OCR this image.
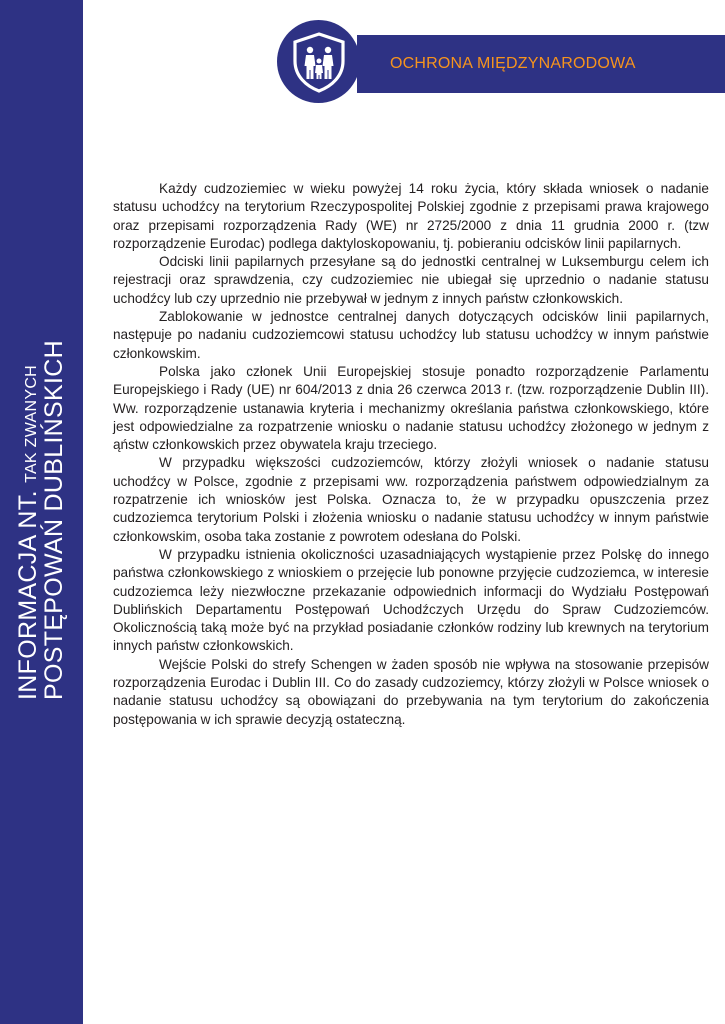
INFORMACJA NT. TAK ZWANYCH POSTĘPOWAŃ DUBLIŃSKICH
OCHRONA MIĘDZYNARODOWA

Każdy cudzoziemiec w wieku powyżej 14 roku życia, który składa wniosek o nadanie statusu uchodźcy na terytorium Rzeczypospolitej Polskiej zgodnie z przepisami prawa krajowego oraz przepisami rozporządzenia Rady (WE) nr 2725/2000 z dnia 11 grudnia 2000 r. (tzw rozporządzenie Eurodac) podlega daktyloskopowaniu, tj. pobieraniu odcisków linii papilarnych.

Odciski linii papilarnych przesyłane są do jednostki centralnej w Luksemburgu celem ich rejestracji oraz sprawdzenia, czy cudzoziemiec nie ubiegał się uprzednio o nadanie statusu uchodźcy lub czy uprzednio nie przebywał w jednym z innych państw członkowskich.

Zablokowanie w jednostce centralnej danych dotyczących odcisków linii papilarnych, następuje po nadaniu cudzoziemcowi statusu uchodźcy lub statusu uchodźcy w innym państwie członkowskim.

Polska jako członek Unii Europejskiej stosuje ponadto rozporządzenie Parlamentu Europejskiego i Rady (UE) nr 604/2013 z dnia 26 czerwca 2013 r. (tzw. rozporządzenie Dublin III). Ww. rozporządzenie ustanawia kryteria i mechanizmy określania państwa członkowskiego, które jest odpowiedzialne za rozpatrzenie wniosku o nadanie statusu uchodźcy złożonego w jednym z ąństw członkowskich przez obywatela kraju trzeciego.

W przypadku większości cudzoziemców, którzy złożyli wniosek o nadanie statusu uchodźcy w Polsce, zgodnie z przepisami ww. rozporządzenia państwem odpowiedzialnym za rozpatrzenie ich wniosków jest Polska. Oznacza to, że w przypadku opuszczenia przez cudzoziemca terytorium Polski i złożenia wniosku o nadanie statusu uchodźcy w innym państwie członkowskim, osoba taka zostanie z powrotem odesłana do Polski.

W przypadku istnienia okoliczności uzasadniających wystąpienie przez Polskę do innego państwa członkowskiego z wnioskiem o przejęcie lub ponowne przyjęcie cudzoziemca, w interesie cudzoziemca leży niezwłoczne przekazanie odpowiednich informacji do Wydziału Postępowań Dublińskich Departamentu Postępowań Uchodźczych Urzędu do Spraw Cudzoziemców. Okolicznością taką może być na przykład posiadanie członków rodziny lub krewnych na terytorium innych państw członkowskich.

Wejście Polski do strefy Schengen w żaden sposób nie wpływa na stosowanie przepisów rozporządzenia Eurodac i Dublin III. Co do zasady cudzoziemcy, którzy złożyli w Polsce wniosek o nadanie statusu uchodźcy są obowiązani do przebywania na tym terytorium do zakończenia postępowania w ich sprawie decyzją ostateczną.
